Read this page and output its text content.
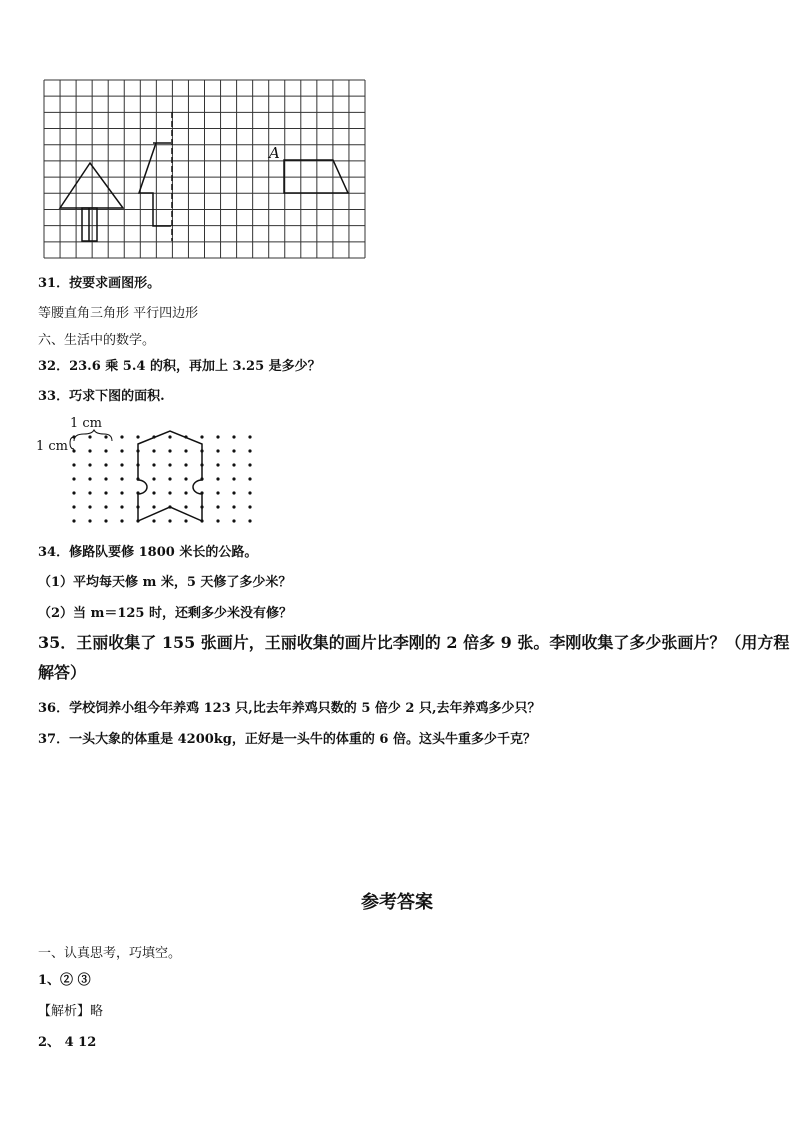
A
31．按要求画图形。
等腰直角三角形 平行四边形
六、生活中的数学。
32．23.6 乘 5.4 的积，再加上 3.25 是多少？
33．巧求下图的面积.
1 cm
1 cm
34．修路队要修 1800 米长的公路。
（1）平均每天修 m 米，5 天修了多少米？
（2）当 m＝125 时，还剩多少米没有修？
35．王丽收集了 155 张画片，王丽收集的画片比李刚的 2 倍多 9 张。李刚收集了多少张画片？（用方程
解答）
36．学校饲养小组今年养鸡 123 只,比去年养鸡只数的 5 倍少 2 只,去年养鸡多少只？
37．一头大象的体重是 4200kg，正好是一头牛的体重的 6 倍。这头牛重多少千克？
参考答案
一、认真思考，巧填空。
1、② ③
【解析】略
2、 4 12
